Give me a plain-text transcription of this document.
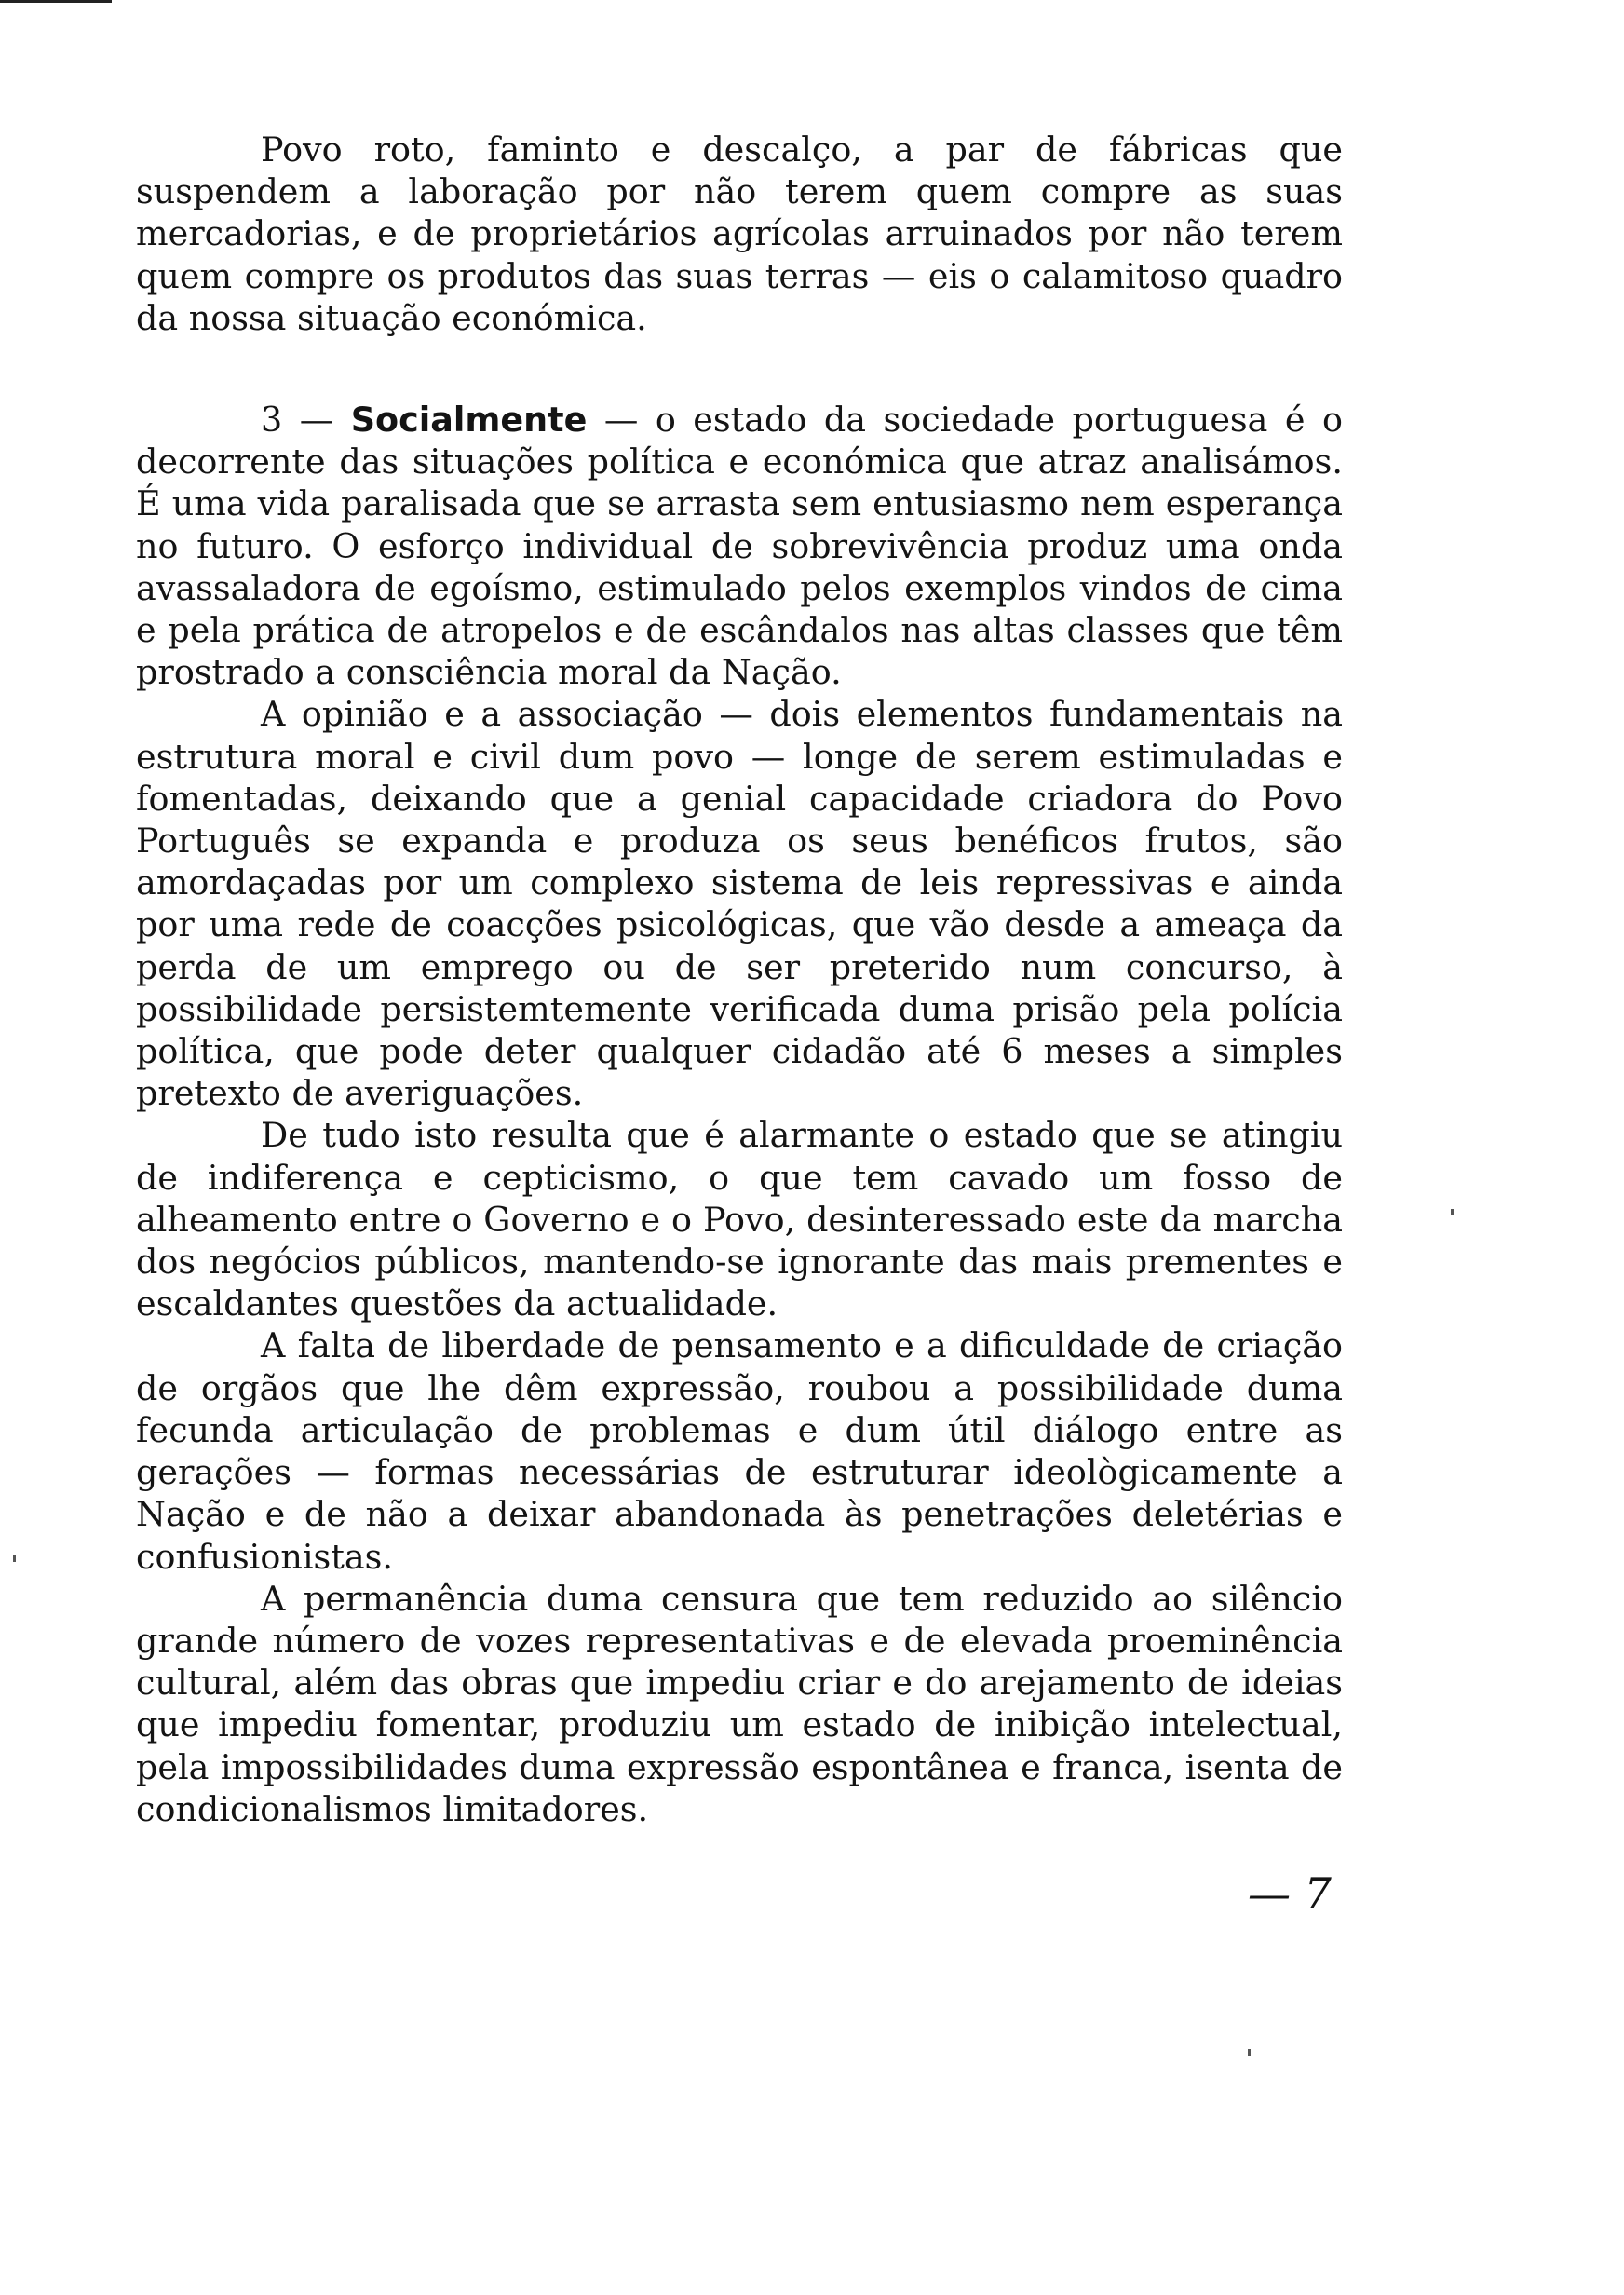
Povo roto, faminto e descalço, a par de fábricas que suspendem a laboração por não terem quem compre as suas mercadorias, e de proprietários agrícolas arruinados por não terem quem compre os produtos das suas terras — eis o calamitoso quadro da nossa situação económica.

3 — Socialmente — o estado da sociedade portuguesa é o decorrente das situações política e económica que atraz analisámos. É uma vida paralisada que se arrasta sem entusiasmo nem esperança no futuro. O esforço individual de sobrevivência produz uma onda avassaladora de egoísmo, estimulado pelos exemplos vindos de cima e pela prática de atropelos e de escândalos nas altas classes que têm prostrado a consciência moral da Nação.

A opinião e a associação — dois elementos fundamentais na estrutura moral e civil dum povo — longe de serem estimuladas e fomentadas, deixando que a genial capacidade criadora do Povo Português se expanda e produza os seus benéficos frutos, são amordaçadas por um complexo sistema de leis repressivas e ainda por uma rede de coacções psicológicas, que vão desde a ameaça da perda de um emprego ou de ser preterido num concurso, à possibilidade persistemtemente verificada duma prisão pela polícia política, que pode deter qualquer cidadão até 6 meses a simples pretexto de averiguações.

De tudo isto resulta que é alarmante o estado que se atingiu de indiferença e cepticismo, o que tem cavado um fosso de alheamento entre o Governo e o Povo, desinteressado este da marcha dos negócios públicos, mantendo-se ignorante das mais prementes e escaldantes questões da actualidade.

A falta de liberdade de pensamento e a dificuldade de criação de orgãos que lhe dêm expressão, roubou a possibilidade duma fecunda articulação de problemas e dum útil diálogo entre as gerações — formas necessárias de estruturar ideològicamente a Nação e de não a deixar abandonada às penetrações deletérias e confusionistas.

A permanência duma censura que tem reduzido ao silêncio grande número de vozes representativas e de elevada proeminência cultural, além das obras que impediu criar e do arejamento de ideias que impediu fomentar, produziu um estado de inibição intelectual, pela impossibilidades duma expressão espontânea e franca, isenta de condicionalismos limitadores.

— 7
